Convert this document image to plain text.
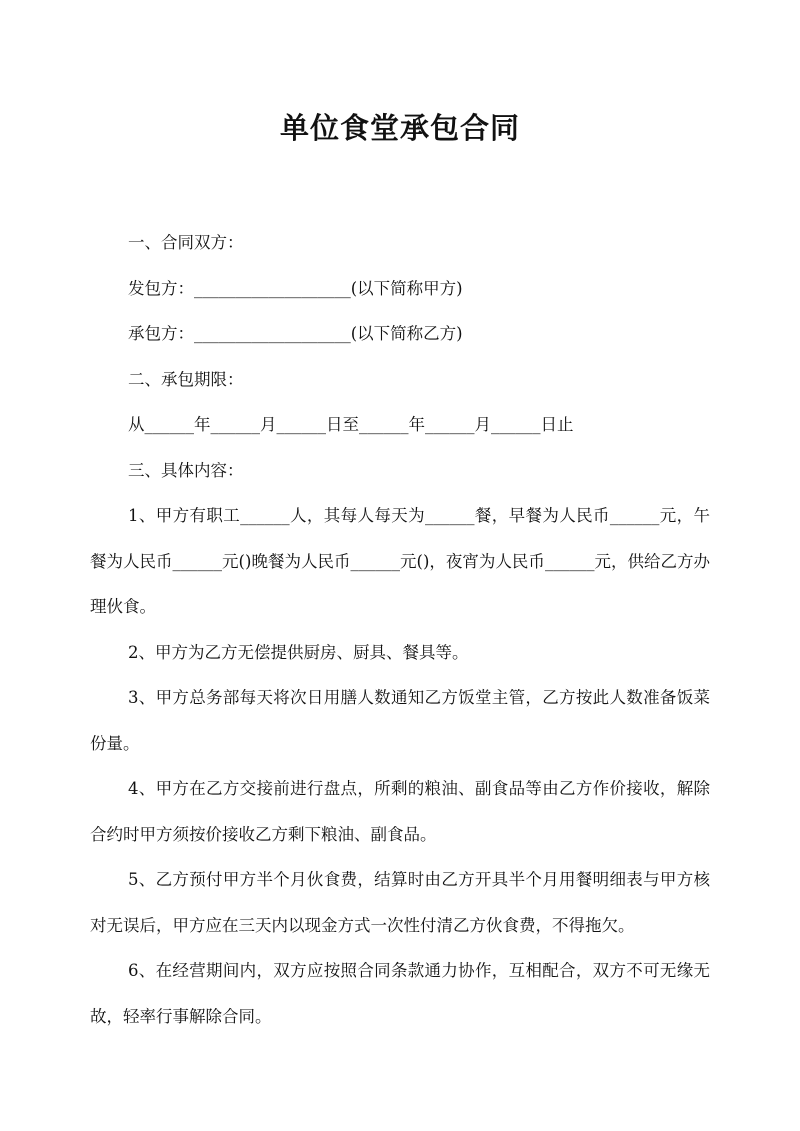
单位食堂承包合同
一、合同双方：
发包方：___________________(以下简称甲方)
承包方：___________________(以下简称乙方)
二、承包期限：
从______年______月______日至______年______月______日止
三、具体内容：

1、甲方有职工______人，其每人每天为______餐，早餐为人民币______元，午餐为人民币______元()晚餐为人民币______元()，夜宵为人民币______元，供给乙方办理伙食。

2、甲方为乙方无偿提供厨房、厨具、餐具等。

3、甲方总务部每天将次日用膳人数通知乙方饭堂主管，乙方按此人数准备饭菜份量。

4、甲方在乙方交接前进行盘点，所剩的粮油、副食品等由乙方作价接收，解除合约时甲方须按价接收乙方剩下粮油、副食品。

5、乙方预付甲方半个月伙食费，结算时由乙方开具半个月用餐明细表与甲方核对无误后，甲方应在三天内以现金方式一次性付清乙方伙食费，不得拖欠。

6、在经营期间内，双方应按照合同条款通力协作，互相配合，双方不可无缘无故，轻率行事解除合同。
